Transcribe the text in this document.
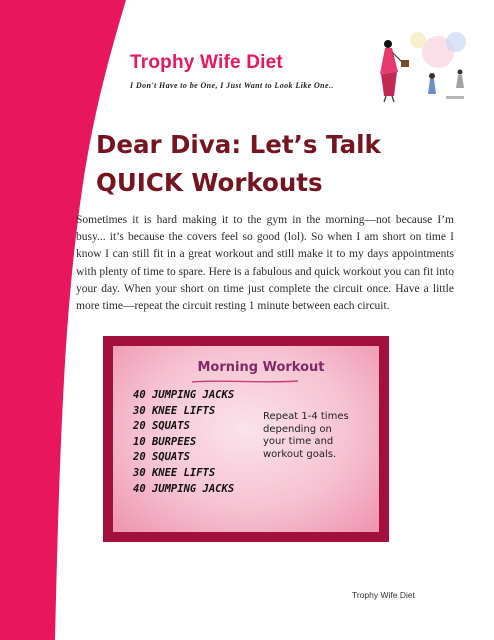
Trophy Wife Diet
I Don't Have to be One, I Just Want to Look Like One..
Dear Diva: Let’s Talk
QUICK Workouts

Sometimes it is hard making it to the gym in the morning—not because I’m busy... it’s because the covers feel so good (lol). So when I am short on time I know I can still fit in a great workout and still make it to my days appointments with plenty of time to spare. Here is a fabulous and quick workout you can fit into your day. When your short on time just complete the circuit once. Have a little more time—repeat the circuit resting 1 minute between each circuit.

Morning Workout
40 JUMPING JACKS
30 KNEE LIFTS
20 SQUATS
10 BURPEES
20 SQUATS
30 KNEE LIFTS
40 JUMPING JACKS
Repeat 1-4 times
depending on
your time and
workout goals.
Trophy Wife Diet
